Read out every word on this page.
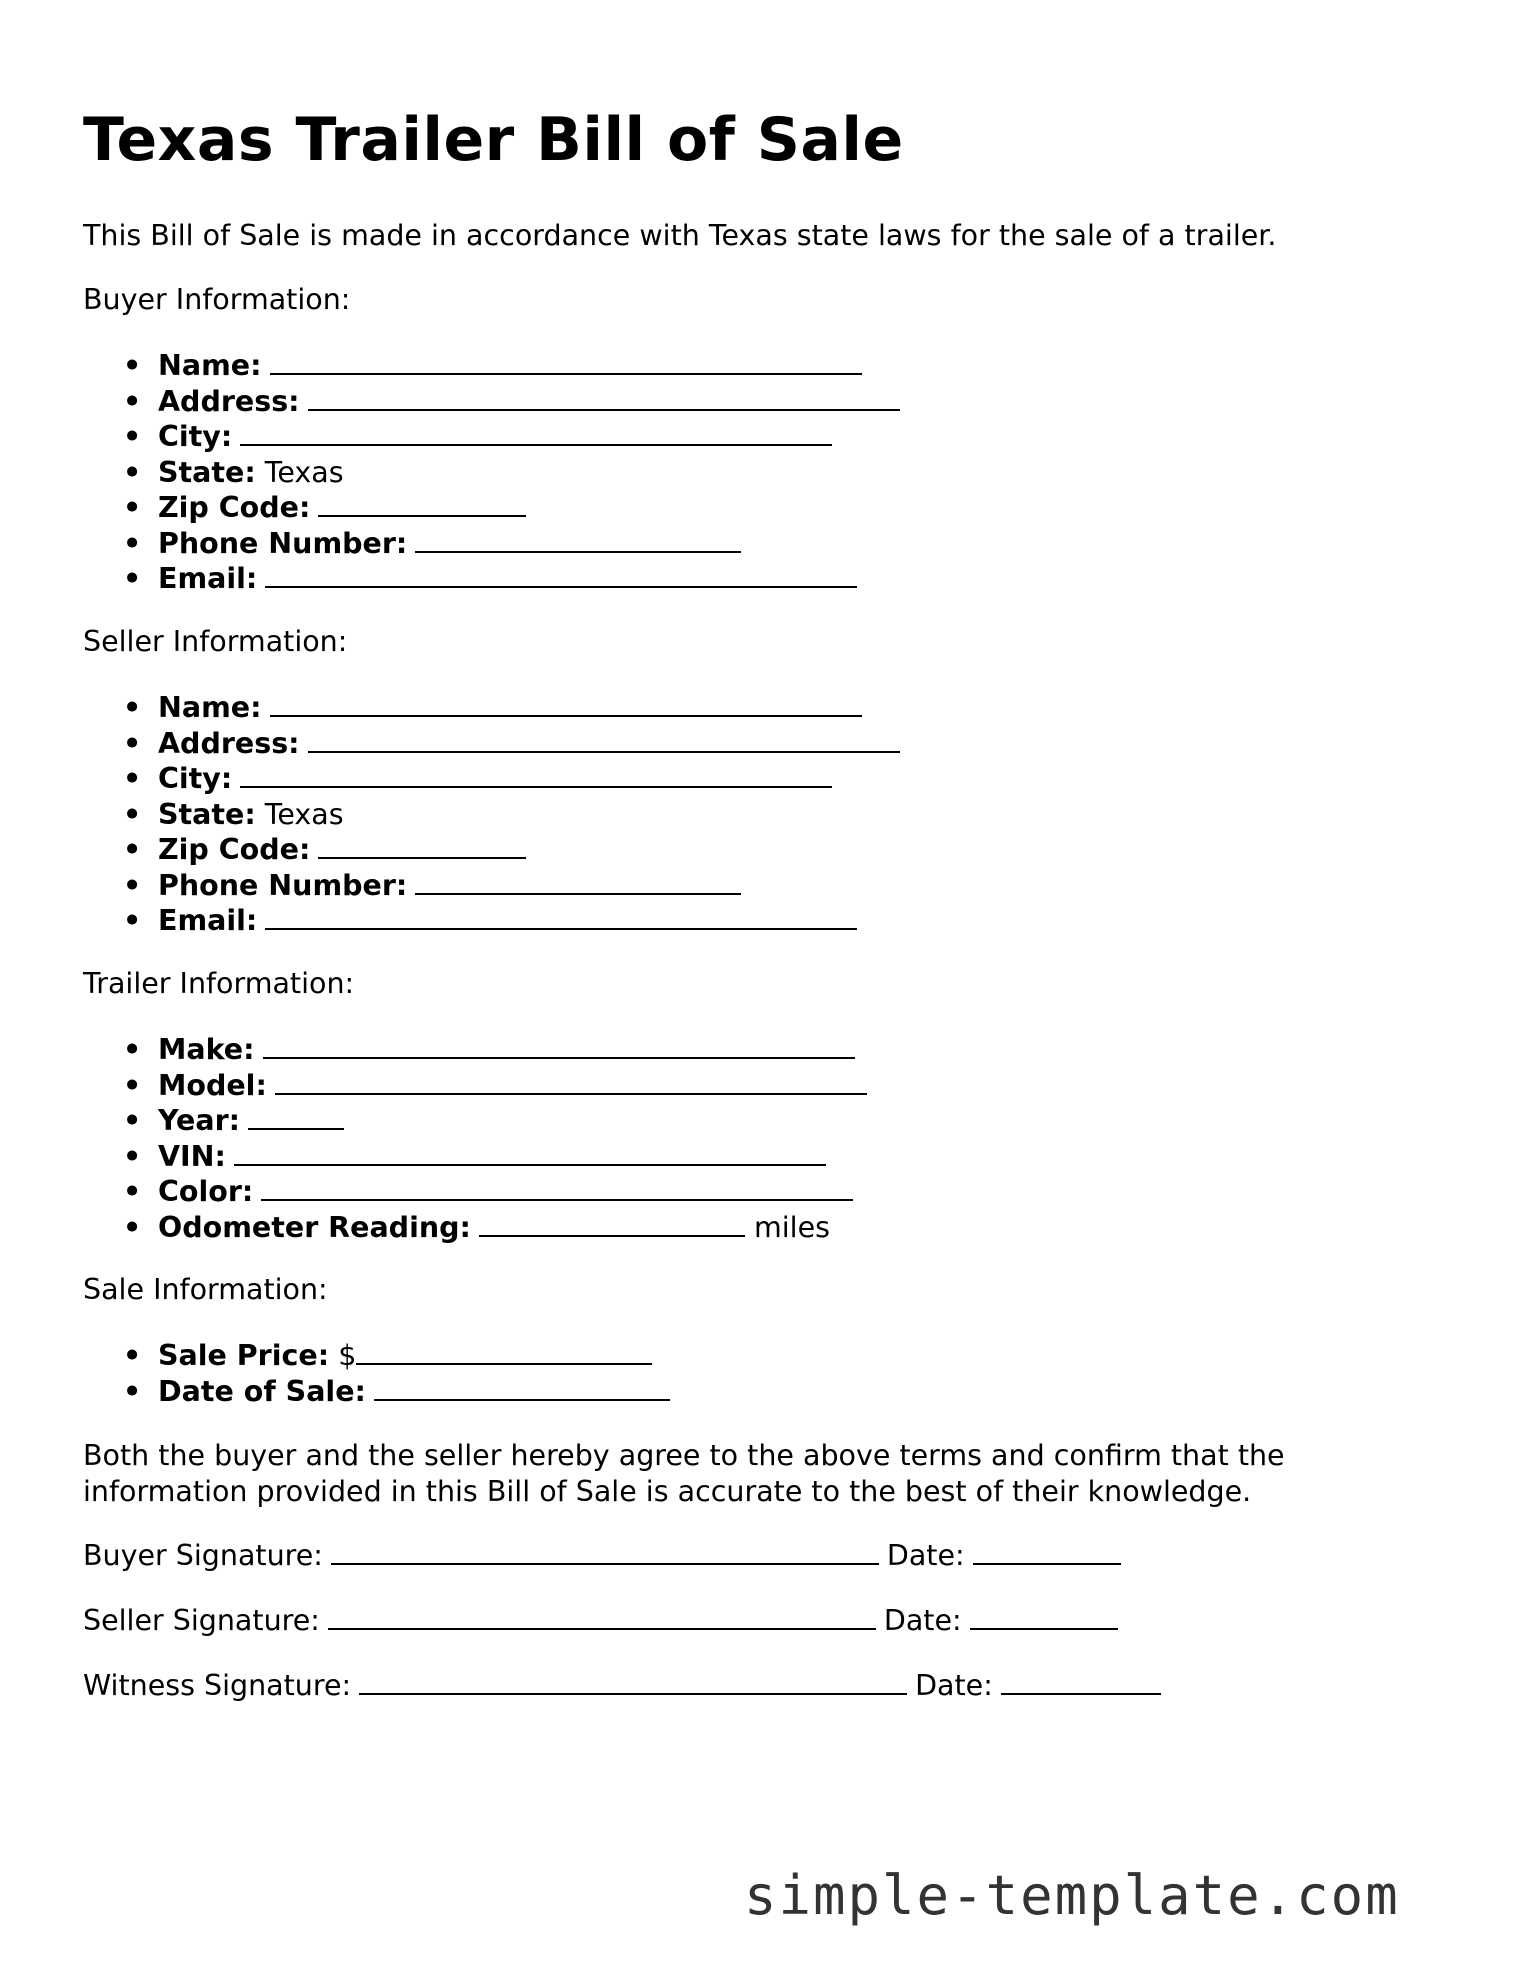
Texas Trailer Bill of Sale

This Bill of Sale is made in accordance with Texas state laws for the sale of a trailer.

Buyer Information:

• Name:
• Address:
• City:
• State: Texas
• Zip Code:
• Phone Number:
• Email:

Seller Information:

• Name:
• Address:
• City:
• State: Texas
• Zip Code:
• Phone Number:
• Email:

Trailer Information:

• Make:
• Model:
• Year:
• VIN:
• Color:
• Odometer Reading:	miles

Sale Information:

• Sale Price: $
• Date of Sale:

Both the buyer and the seller hereby agree to the above terms and confirm that the

information provided in this Bill of Sale is accurate to the best of their knowledge.

Buyer Signature:	Date:

Seller Signature:	Date:

Witness Signature:	Date:

simple-template.com
